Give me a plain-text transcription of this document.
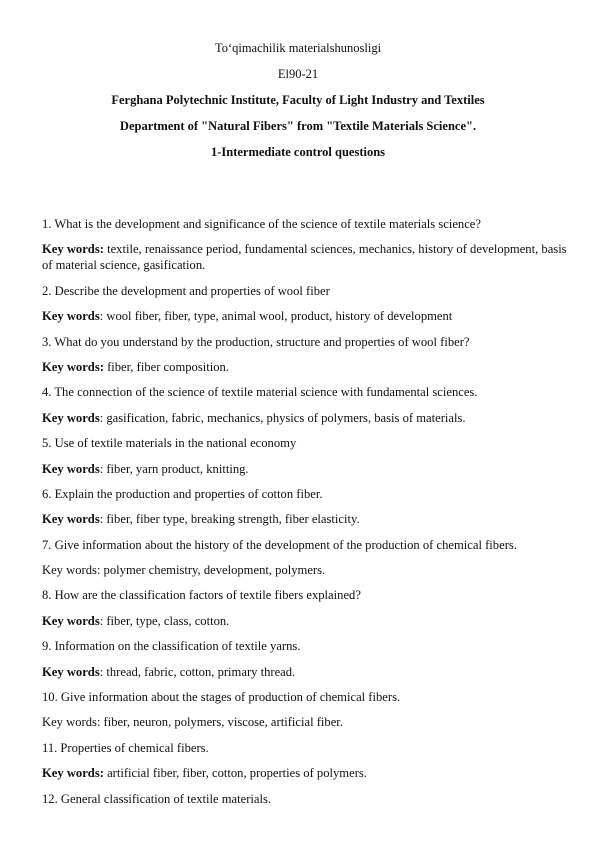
To‘qimachilik materialshunosligi
El90-21
Ferghana Polytechnic Institute, Faculty of Light Industry and Textiles
Department of "Natural Fibers" from "Textile Materials Science".
1-Intermediate control questions
1. What is the development and significance of the science of textile materials science?
Key words: textile, renaissance period, fundamental sciences, mechanics, history of development, basis of material science, gasification.
2. Describe the development and properties of wool fiber
Key words: wool fiber, fiber, type, animal wool, product, history of development
3. What do you understand by the production, structure and properties of wool fiber?
Key words: fiber, fiber composition.
4. The connection of the science of textile material science with fundamental sciences.
Key words: gasification, fabric, mechanics, physics of polymers, basis of materials.
5. Use of textile materials in the national economy
Key words: fiber, yarn product, knitting.
6. Explain the production and properties of cotton fiber.
Key words: fiber, fiber type, breaking strength, fiber elasticity.
7. Give information about the history of the development of the production of chemical fibers.
Key words: polymer chemistry, development, polymers.
8. How are the classification factors of textile fibers explained?
Key words: fiber, type, class, cotton.
9. Information on the classification of textile yarns.
Key words: thread, fabric, cotton, primary thread.
10. Give information about the stages of production of chemical fibers.
Key words: fiber, neuron, polymers, viscose, artificial fiber.
11. Properties of chemical fibers.
Key words: artificial fiber, fiber, cotton, properties of polymers.
12. General classification of textile materials.
